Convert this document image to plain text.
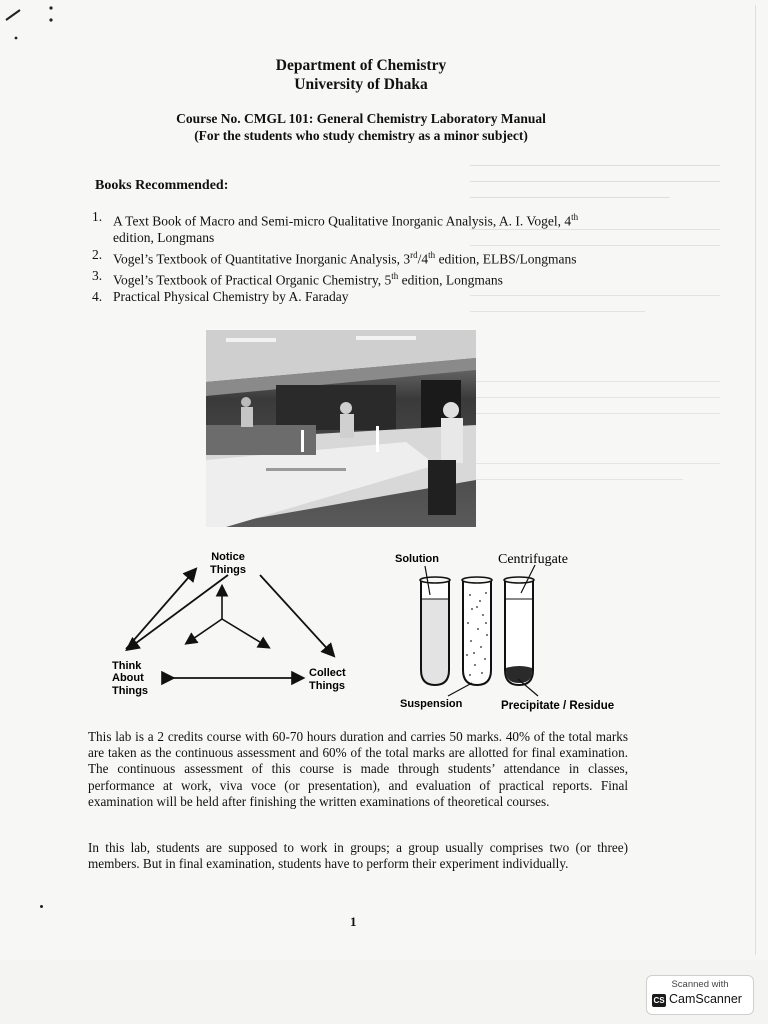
Department of Chemistry
University of Dhaka
Course No. CMGL 101: General Chemistry Laboratory Manual
(For the students who study chemistry as a minor subject)
Books Recommended:
1. A Text Book of Macro and Semi-micro Qualitative Inorganic Analysis, A. I. Vogel, 4th
edition, Longmans
2. Vogel’s Textbook of Quantitative Inorganic Analysis, 3rd/4th edition, ELBS/Longmans
3. Vogel’s Textbook of Practical Organic Chemistry, 5th edition, Longmans
4. Practical Physical Chemistry by A. Faraday
Notice
Things
Think
About
Things
Collect
Things
Solution	Centrifugate
Suspension	Precipitate / Residue
This lab is a 2 credits course with 60-70 hours duration and carries 50 marks. 40% of the total marks are taken as the continuous assessment and 60% of the total marks are allotted for final examination. The continuous assessment of this course is made through students’ attendance in classes, performance at work, viva voce (or presentation), and evaluation of practical reports. Final examination will be held after finishing the written examinations of theoretical courses.
In this lab, students are supposed to work in groups; a group usually comprises two (or three) members. But in final examination, students have to perform their experiment individually.
1
Scanned with
CS CamScanner
